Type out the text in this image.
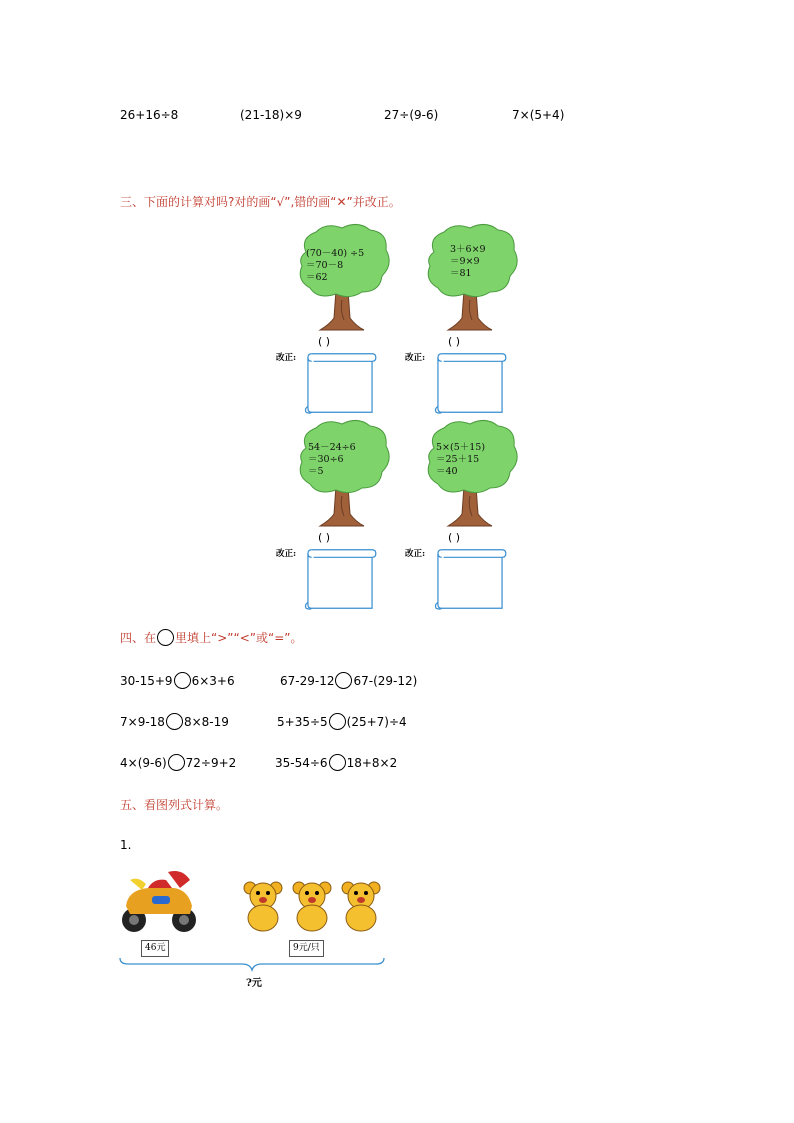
26+16÷8	(21-18)×9	27÷(9-6)	7×(5+4)
三、下面的计算对吗?对的画“√”,错的画“✕”并改正。
(70－40) ÷5
＝70－8
＝62
( )
改正:
3＋6×9
＝9×9
＝81
( )
改正:
54－24÷6
＝30÷6
＝5
( )
改正:
5×(5＋15)
＝25＋15
＝40
( )
改正:
四、在 里填上“>”“<”或“=”。
30-15+9 6×3+6	67-29-12 67-(29-12)
7×9-18 8×8-19	5+35÷5 (25+7)÷4
4×(9-6) 72÷9+2	35-54÷6 18+8×2
五、看图列式计算。
1.
46元	9元/只
?元
